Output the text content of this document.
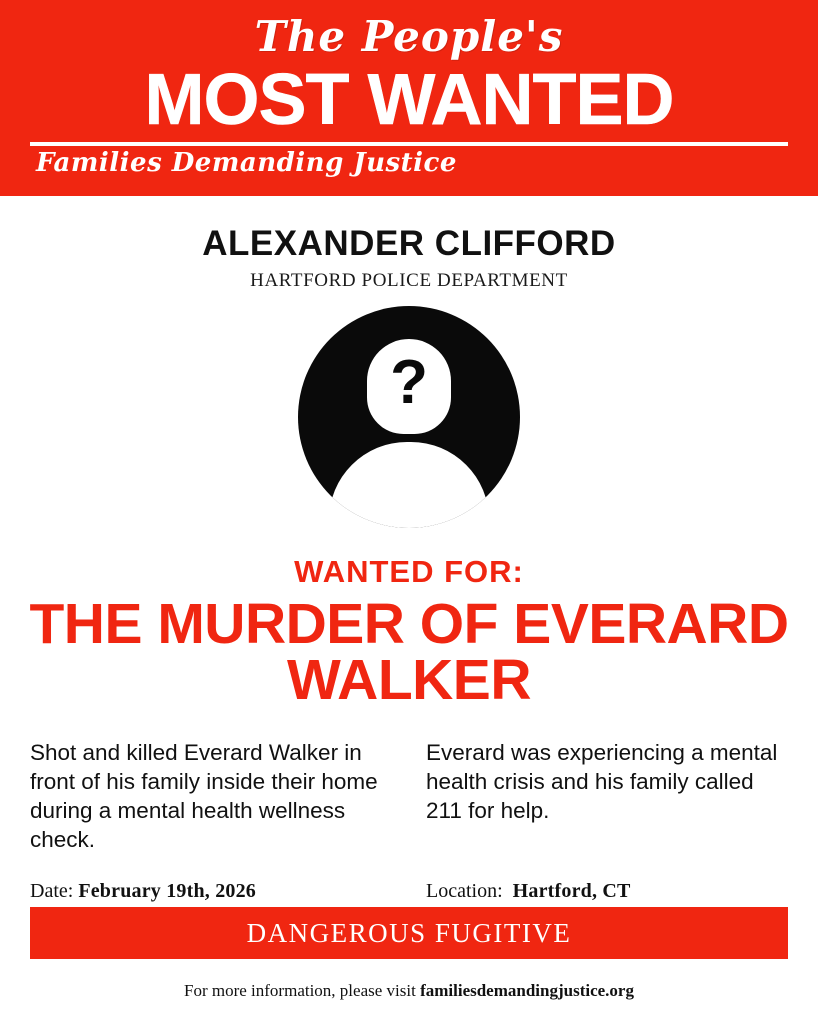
The People's
MOST WANTED
Families Demanding Justice
ALEXANDER CLIFFORD
HARTFORD POLICE DEPARTMENT
?
WANTED FOR:
THE MURDER OF EVERARD WALKER
Shot and killed Everard Walker in front of his family inside their home during a mental health wellness check.
Everard was experiencing a mental health crisis and his family called 211 for help.
Date: February 19th, 2026	Location: Hartford, CT
DANGEROUS FUGITIVE
For more information, please visit familiesdemandingjustice.org
